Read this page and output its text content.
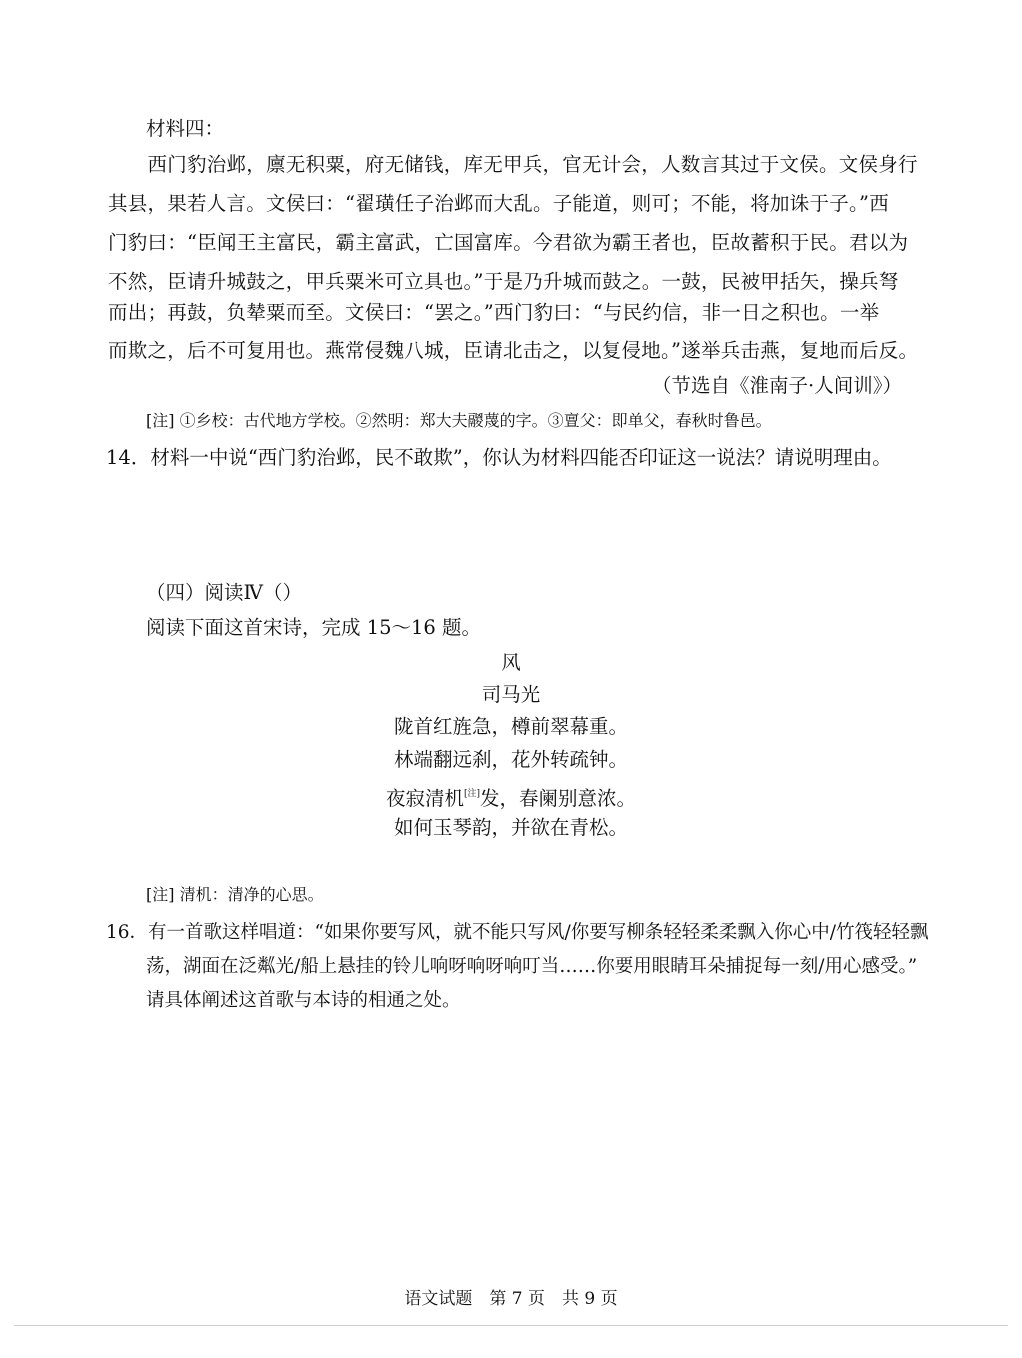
材料四：
　　西门豹治邺，廪无积粟，府无储钱，库无甲兵，官无计会，人数言其过于文侯。文侯身行
其县，果若人言。文侯曰：“翟璜任子治邺而大乱。子能道，则可；不能，将加诛于子。”西
门豹曰：“臣闻王主富民，霸主富武，亡国富库。今君欲为霸王者也，臣故蓄积于民。君以为
不然，臣请升城鼓之，甲兵粟米可立具也。”于是乃升城而鼓之。一鼓，民被甲括矢，操兵弩
而出；再鼓，负辇粟而至。文侯曰：“罢之。”西门豹曰：“与民约信，非一日之积也。一举
而欺之，后不可复用也。燕常侵魏八城，臣请北击之，以复侵地。”遂举兵击燕，复地而后反。
（节选自《淮南子·人间训》）
[注] ①乡校：古代地方学校。②然明：郑大夫鬷蔑的字。③亶父：即单父，春秋时鲁邑。
14．材料一中说“西门豹治邺，民不敢欺”，你认为材料四能否印证这一说法？请说明理由。
（四）阅读Ⅳ（）
阅读下面这首宋诗，完成 15～16 题。
风
司马光
陇首红旌急，樽前翠幕重。
林端翻远刹，花外转疏钟。
夜寂清机[注]发，春阑别意浓。
如何玉琴韵，并欲在青松。
[注] 清机：清净的心思。
16．有一首歌这样唱道：“如果你要写风，就不能只写风/你要写柳条轻轻柔柔飘入你心中/竹筏轻轻飘
荡，湖面在泛粼光/船上悬挂的铃儿响呀响呀响叮当……你要用眼睛耳朵捕捉每一刻/用心感受。”
请具体阐述这首歌与本诗的相通之处。
语文试题　第 7 页　共 9 页
